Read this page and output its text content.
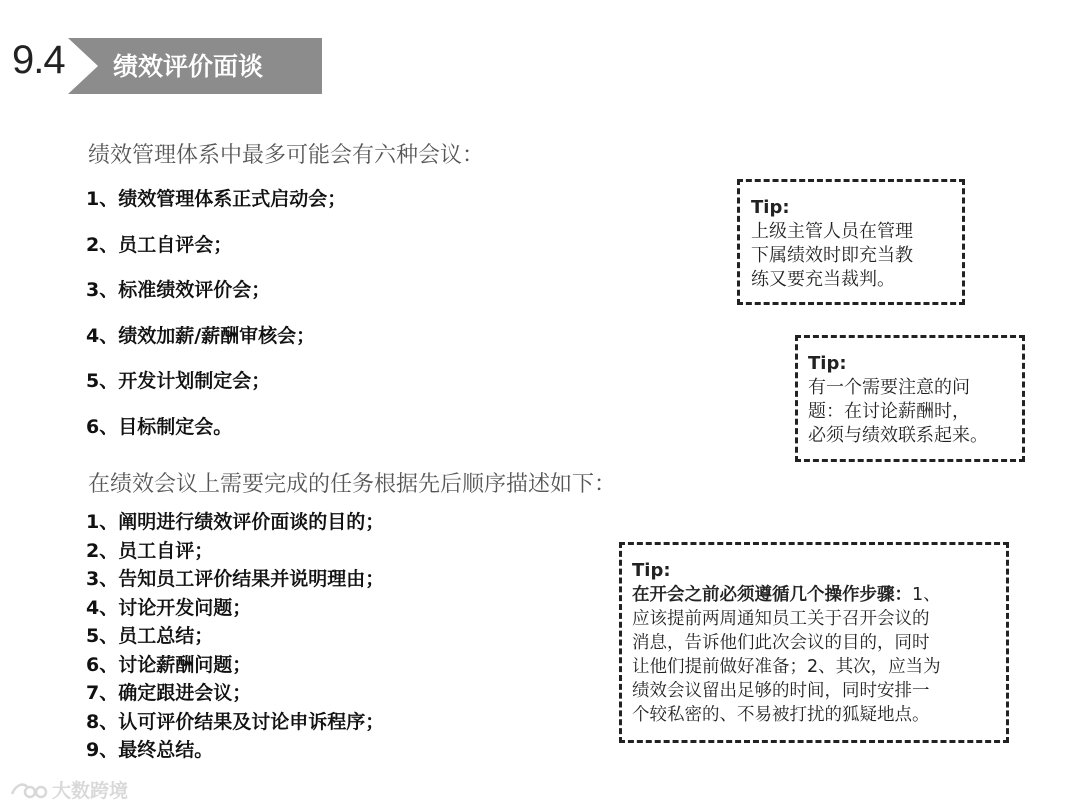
9.4 绩效评价面谈
绩效管理体系中最多可能会有六种会议：
1、绩效管理体系正式启动会；
2、员工自评会；
3、标准绩效评价会；
4、绩效加薪/薪酬审核会；
5、开发计划制定会；
6、目标制定会。
在绩效会议上需要完成的任务根据先后顺序描述如下：
1、阐明进行绩效评价面谈的目的；
2、员工自评；
3、告知员工评价结果并说明理由；
4、讨论开发问题；
5、员工总结；
6、讨论薪酬问题；
7、确定跟进会议；
8、认可评价结果及讨论申诉程序；
9、最终总结。
Tip:
上级主管人员在管理
下属绩效时即充当教
练又要充当裁判。
Tip:
有一个需要注意的问
题：在讨论薪酬时，
必须与绩效联系起来。
Tip:
在开会之前必须遵循几个操作步骤：1、
应该提前两周通知员工关于召开会议的
消息，告诉他们此次会议的目的，同时
让他们提前做好准备；2、其次，应当为
绩效会议留出足够的时间，同时安排一
个较私密的、不易被打扰的狐疑地点。
大数跨境
